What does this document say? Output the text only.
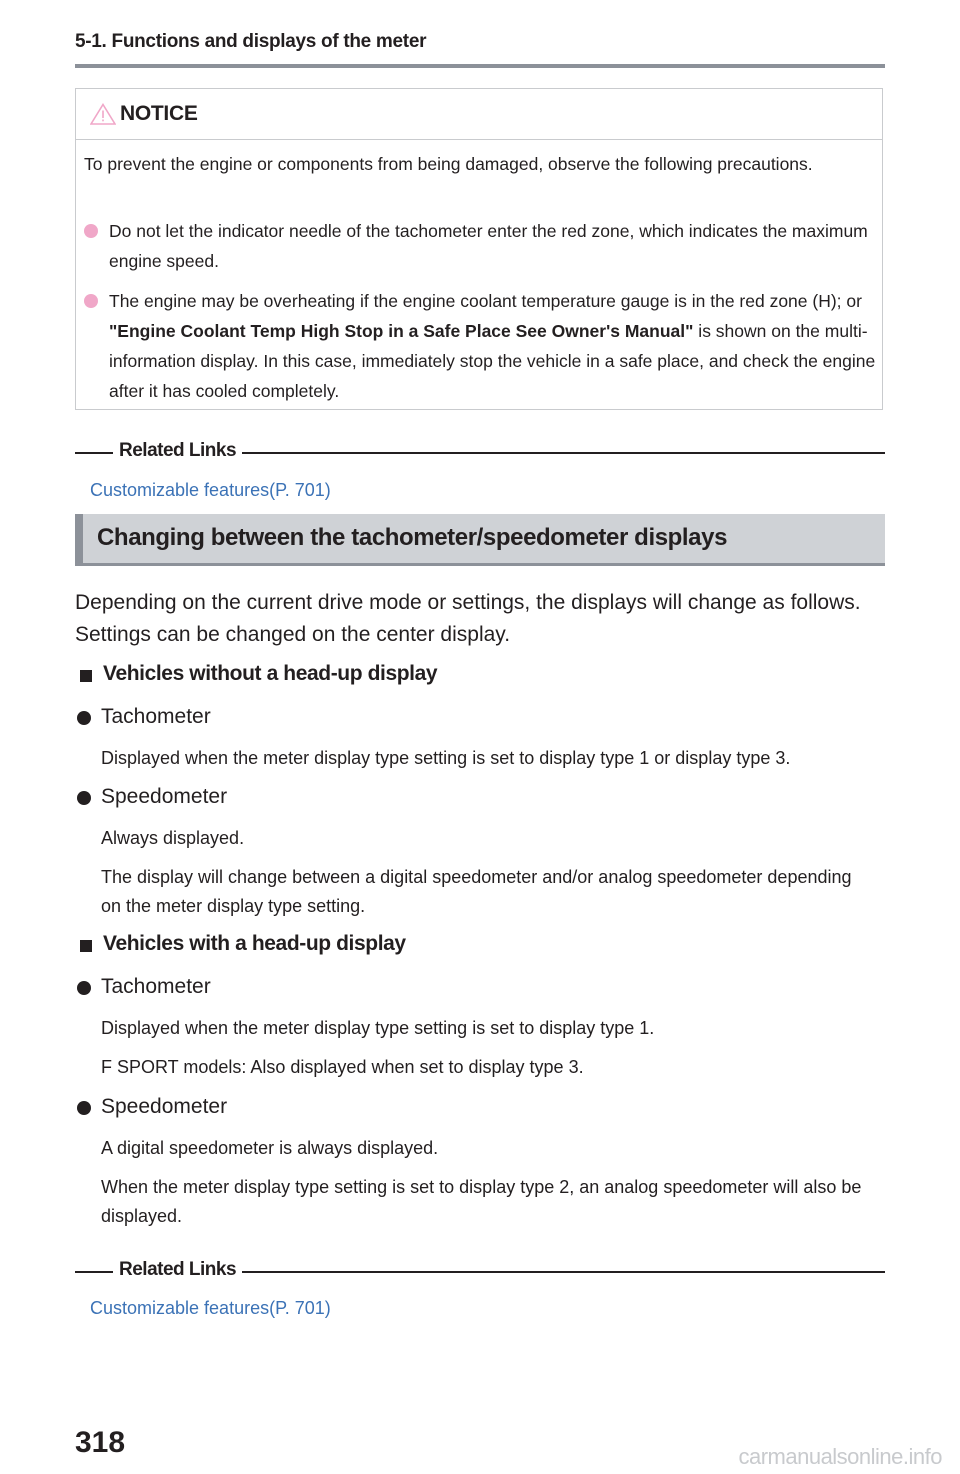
5-1. Functions and displays of the meter
NOTICE
To prevent the engine or components from being damaged, observe the following precautions.
Do not let the indicator needle of the tachometer enter the red zone, which indicates the maximum engine speed.
The engine may be overheating if the engine coolant temperature gauge is in the red zone (H); or "Engine Coolant Temp High Stop in a Safe Place See Owner's Manual" is shown on the multi-information display. In this case, immediately stop the vehicle in a safe place, and check the engine after it has cooled completely.
Related Links
Customizable features(P. 701)
Changing between the tachometer/speedometer displays
Depending on the current drive mode or settings, the displays will change as follows. Settings can be changed on the center display.
Vehicles without a head-up display
Tachometer
Displayed when the meter display type setting is set to display type 1 or display type 3.
Speedometer
Always displayed.
The display will change between a digital speedometer and/or analog speedometer depending on the meter display type setting.
Vehicles with a head-up display
Tachometer
Displayed when the meter display type setting is set to display type 1.
F SPORT models: Also displayed when set to display type 3.
Speedometer
A digital speedometer is always displayed.
When the meter display type setting is set to display type 2, an analog speedometer will also be displayed.
Related Links
Customizable features(P. 701)
318	carmanualsonline.info
